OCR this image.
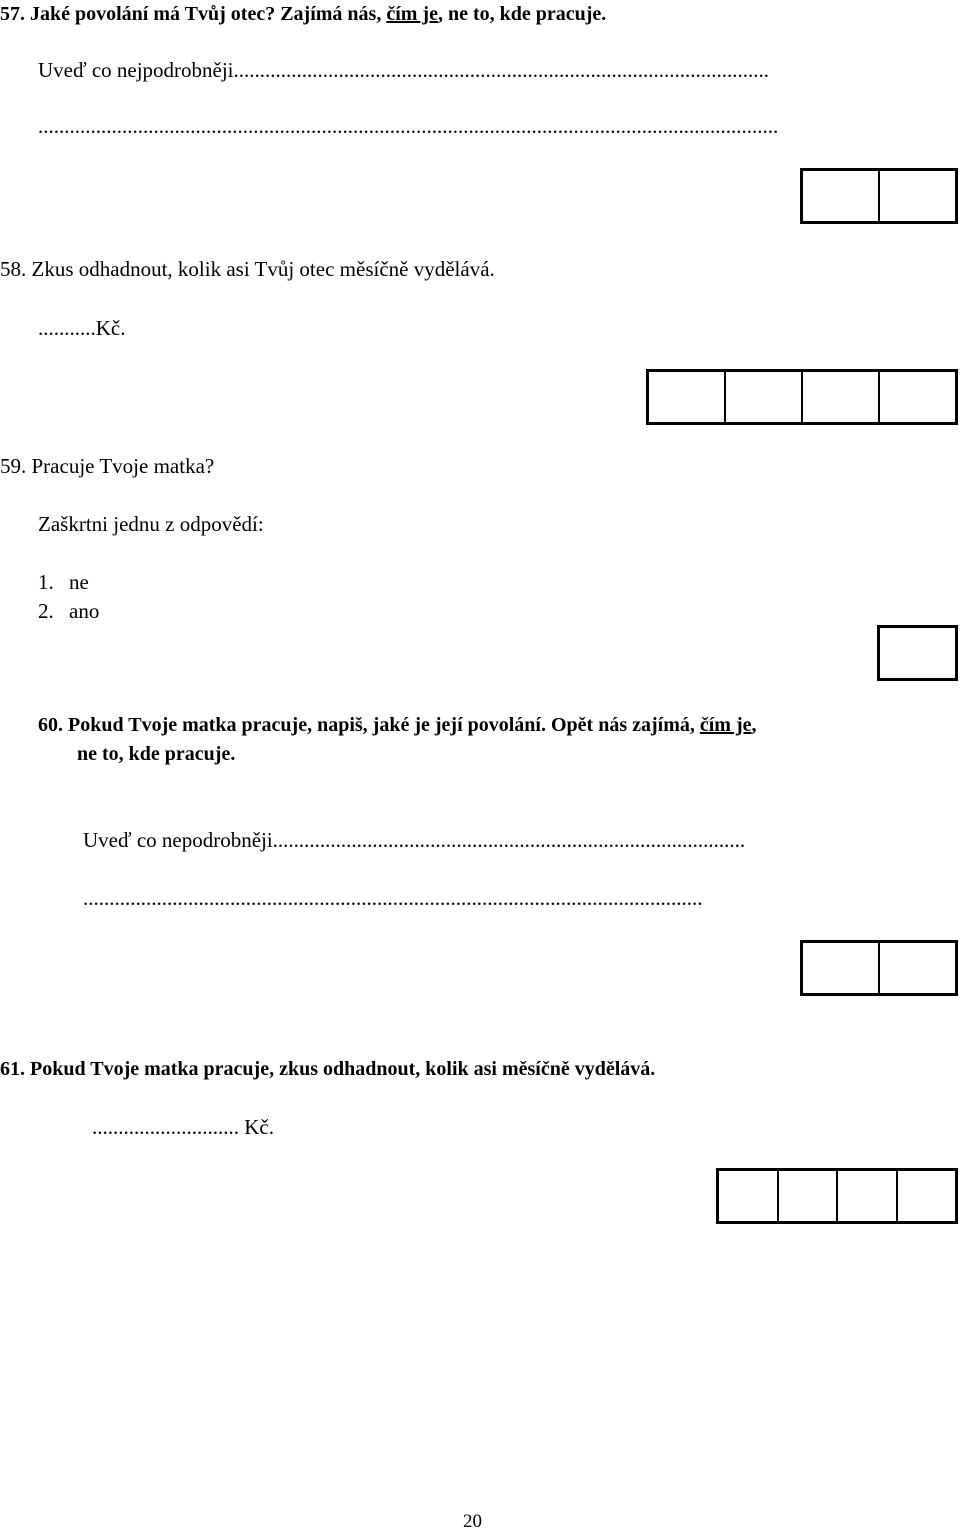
57. Jaké povolání má Tvůj otec? Zajímá nás, čím je, ne to, kde pracuje.
Uveď co nejpodrobněji......................................................................................................
.............................................................................................................................................
58. Zkus odhadnout, kolik asi Tvůj otec měsíčně vydělává.
...........Kč.
59. Pracuje Tvoje matka?
Zaškrtni jednu z odpovědí:
1. ne
2. ano
60. Pokud Tvoje matka pracuje, napiš, jaké je její povolání. Opět nás zajímá, čím je,
ne to, kde pracuje.
Uveď co nepodrobněji..........................................................................................
......................................................................................................................
61. Pokud Tvoje matka pracuje, zkus odhadnout, kolik asi měsíčně vydělává.
............................ Kč.
20
